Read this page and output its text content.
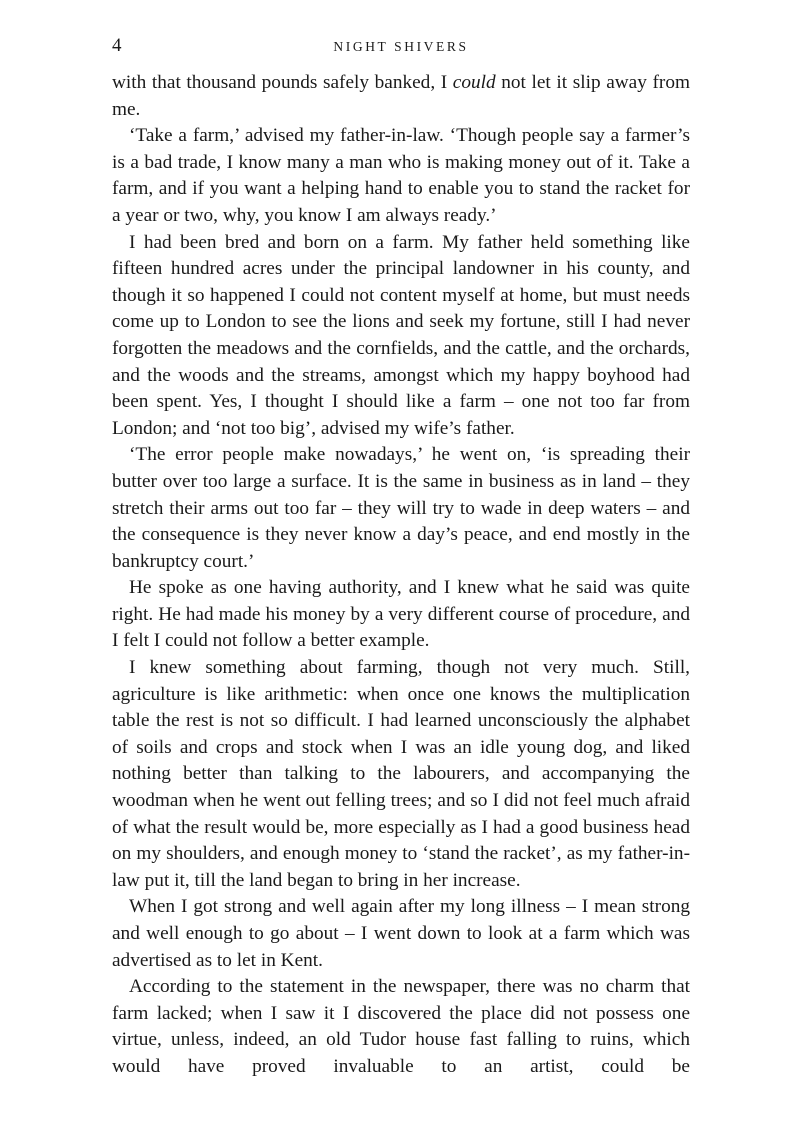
4	NIGHT SHIVERS

with that thousand pounds safely banked, I could not let it slip away from me.

‘Take a farm,’ advised my father-in-law. ‘Though people say a farmer’s is a bad trade, I know many a man who is making money out of it. Take a farm, and if you want a helping hand to enable you to stand the racket for a year or two, why, you know I am always ready.’

I had been bred and born on a farm. My father held something like fifteen hundred acres under the principal landowner in his county, and though it so happened I could not content myself at home, but must needs come up to London to see the lions and seek my fortune, still I had never forgotten the meadows and the cornfields, and the cattle, and the orchards, and the woods and the streams, amongst which my happy boyhood had been spent. Yes, I thought I should like a farm – one not too far from London; and ‘not too big’, advised my wife’s father.

‘The error people make nowadays,’ he went on, ‘is spreading their butter over too large a surface. It is the same in business as in land – they stretch their arms out too far – they will try to wade in deep waters – and the consequence is they never know a day’s peace, and end mostly in the bankruptcy court.’

He spoke as one having authority, and I knew what he said was quite right. He had made his money by a very different course of procedure, and I felt I could not follow a better example.

I knew something about farming, though not very much. Still, agriculture is like arithmetic: when once one knows the multiplication table the rest is not so difficult. I had learned unconsciously the alphabet of soils and crops and stock when I was an idle young dog, and liked nothing better than talking to the labourers, and accompanying the woodman when he went out felling trees; and so I did not feel much afraid of what the result would be, more especially as I had a good business head on my shoulders, and enough money to ‘stand the racket’, as my father-in-law put it, till the land began to bring in her increase.

When I got strong and well again after my long illness – I mean strong and well enough to go about – I went down to look at a farm which was advertised as to let in Kent.

According to the statement in the newspaper, there was no charm that farm lacked; when I saw it I discovered the place did not possess one virtue, unless, indeed, an old Tudor house fast falling to ruins, which would have proved invaluable to an artist, could be
